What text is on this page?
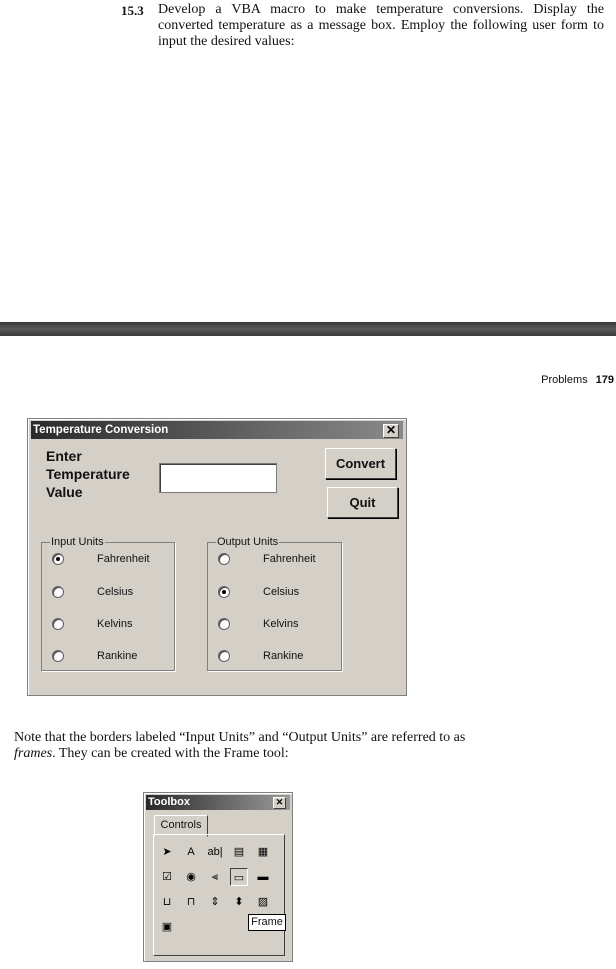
15.3 Develop a VBA macro to make temperature conversions. Display the converted temperature as a message box. Employ the following user form to input the desired values:
Problems 179
Temperature Conversion	✕
Enter Temperature Value
Convert
Quit
Input Units
Fahrenheit
Celsius
Kelvins
Rankine
Output Units
Fahrenheit
Celsius
Kelvins
Rankine
Note that the borders labeled “Input Units” and “Output Units” are referred to as frames. They can be created with the Frame tool:
Toolbox	✕
Controls
➤	A	ab|	▤	▦
☑	◉	⫷	▭	▬
⊔	⊓	⇕	⬍	▨
▣	Frame
